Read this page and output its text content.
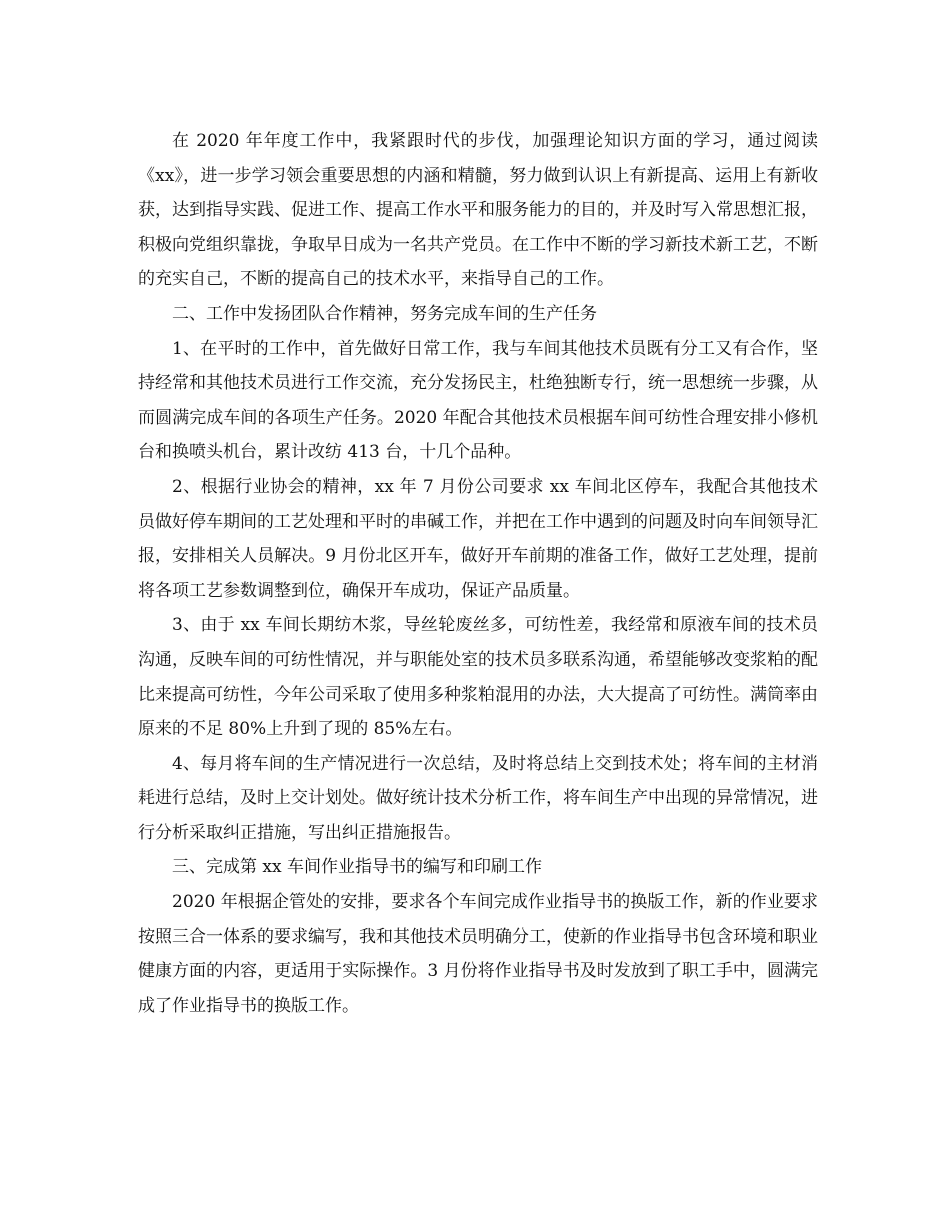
在 2020 年年度工作中，我紧跟时代的步伐，加强理论知识方面的学习，通过阅读《xx》，进一步学习领会重要思想的内涵和精髓，努力做到认识上有新提高、运用上有新收获，达到指导实践、促进工作、提高工作水平和服务能力的目的，并及时写入常思想汇报，积极向党组织靠拢，争取早日成为一名共产党员。在工作中不断的学习新技术新工艺，不断的充实自己，不断的提高自己的技术水平，来指导自己的工作。

二、工作中发扬团队合作精神，努务完成车间的生产任务

1、在平时的工作中，首先做好日常工作，我与车间其他技术员既有分工又有合作，坚持经常和其他技术员进行工作交流，充分发扬民主，杜绝独断专行，统一思想统一步骤，从而圆满完成车间的各项生产任务。2020 年配合其他技术员根据车间可纺性合理安排小修机台和换喷头机台，累计改纺 413 台，十几个品种。

2、根据行业协会的精神，xx 年 7 月份公司要求 xx 车间北区停车，我配合其他技术员做好停车期间的工艺处理和平时的串碱工作，并把在工作中遇到的问题及时向车间领导汇报，安排相关人员解决。9 月份北区开车，做好开车前期的准备工作，做好工艺处理，提前将各项工艺参数调整到位，确保开车成功，保证产品质量。

3、由于 xx 车间长期纺木浆，导丝轮废丝多，可纺性差，我经常和原液车间的技术员沟通，反映车间的可纺性情况，并与职能处室的技术员多联系沟通，希望能够改变浆粕的配比来提高可纺性，今年公司采取了使用多种浆粕混用的办法，大大提高了可纺性。满筒率由原来的不足 80%上升到了现的 85%左右。

4、每月将车间的生产情况进行一次总结，及时将总结上交到技术处；将车间的主材消耗进行总结，及时上交计划处。做好统计技术分析工作，将车间生产中出现的异常情况，进行分析采取纠正措施，写出纠正措施报告。

三、完成第 xx 车间作业指导书的编写和印刷工作

2020 年根据企管处的安排，要求各个车间完成作业指导书的换版工作，新的作业要求按照三合一体系的要求编写，我和其他技术员明确分工，使新的作业指导书包含环境和职业健康方面的内容，更适用于实际操作。3 月份将作业指导书及时发放到了职工手中，圆满完成了作业指导书的换版工作。
